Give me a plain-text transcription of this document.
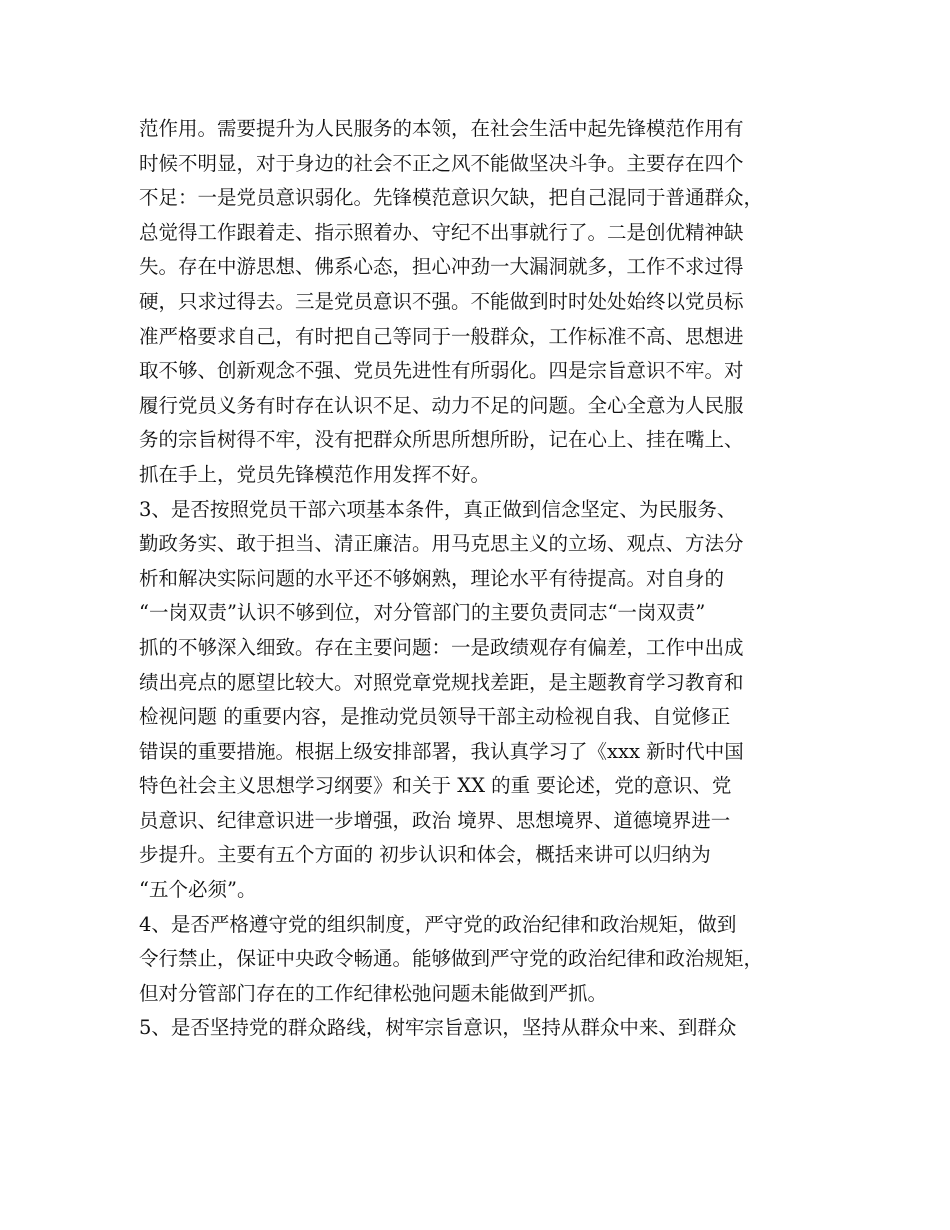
范作用。需要提升为人民服务的本领，在社会生活中起先锋模范作用有
时候不明显，对于身边的社会不正之风不能做坚决斗争。主要存在四个
不足：一是党员意识弱化。先锋模范意识欠缺，把自己混同于普通群众，
总觉得工作跟着走、指示照着办、守纪不出事就行了。二是创优精神缺
失。存在中游思想、佛系心态，担心冲劲一大漏洞就多，工作不求过得
硬，只求过得去。三是党员意识不强。不能做到时时处处始终以党员标
准严格要求自己，有时把自己等同于一般群众，工作标准不高、思想进
取不够、创新观念不强、党员先进性有所弱化。四是宗旨意识不牢。对
履行党员义务有时存在认识不足、动力不足的问题。全心全意为人民服
务的宗旨树得不牢，没有把群众所思所想所盼，记在心上、挂在嘴上、
抓在手上，党员先锋模范作用发挥不好。
3、是否按照党员干部六项基本条件，真正做到信念坚定、为民服务、
勤政务实、敢于担当、清正廉洁。用马克思主义的立场、观点、方法分
析和解决实际问题的水平还不够娴熟，理论水平有待提高。对自身的
“一岗双责”认识不够到位，对分管部门的主要负责同志“一岗双责”
抓的不够深入细致。存在主要问题：一是政绩观存有偏差，工作中出成
绩出亮点的愿望比较大。对照党章党规找差距，是主题教育学习教育和
检视问题 的重要内容，是推动党员领导干部主动检视自我、自觉修正
错误的重要措施。根据上级安排部署，我认真学习了《xxx 新时代中国
特色社会主义思想学习纲要》和关于 XX 的重 要论述，党的意识、党
员意识、纪律意识进一步增强，政治 境界、思想境界、道德境界进一
步提升。主要有五个方面的 初步认识和体会，概括来讲可以归纳为
“五个必须”。
4、是否严格遵守党的组织制度，严守党的政治纪律和政治规矩，做到
令行禁止，保证中央政令畅通。能够做到严守党的政治纪律和政治规矩，
但对分管部门存在的工作纪律松弛问题未能做到严抓。
5、是否坚持党的群众路线，树牢宗旨意识，坚持从群众中来、到群众
